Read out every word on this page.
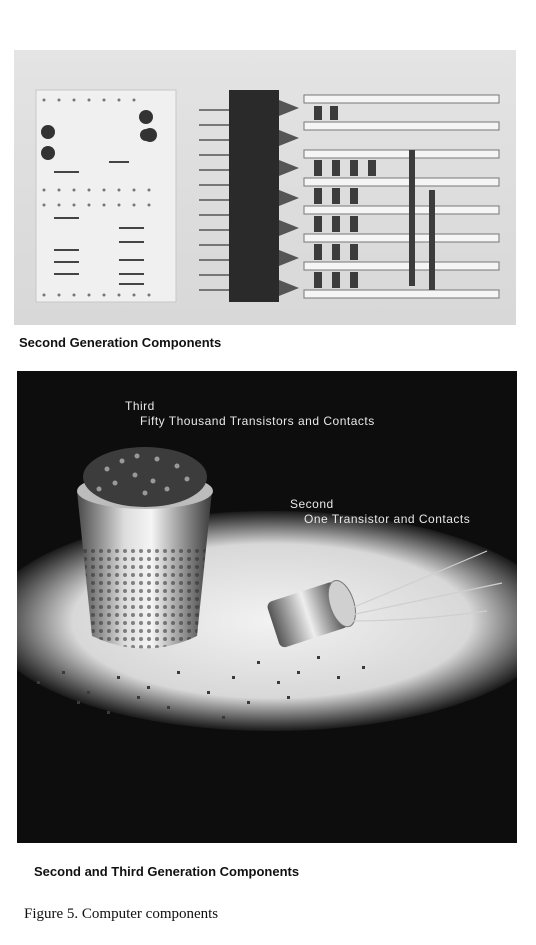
Second Generation Components
Third
Fifty Thousand Transistors and Contacts
Second
One Transistor and Contacts
Second and Third Generation Components
Figure 5. Computer components
